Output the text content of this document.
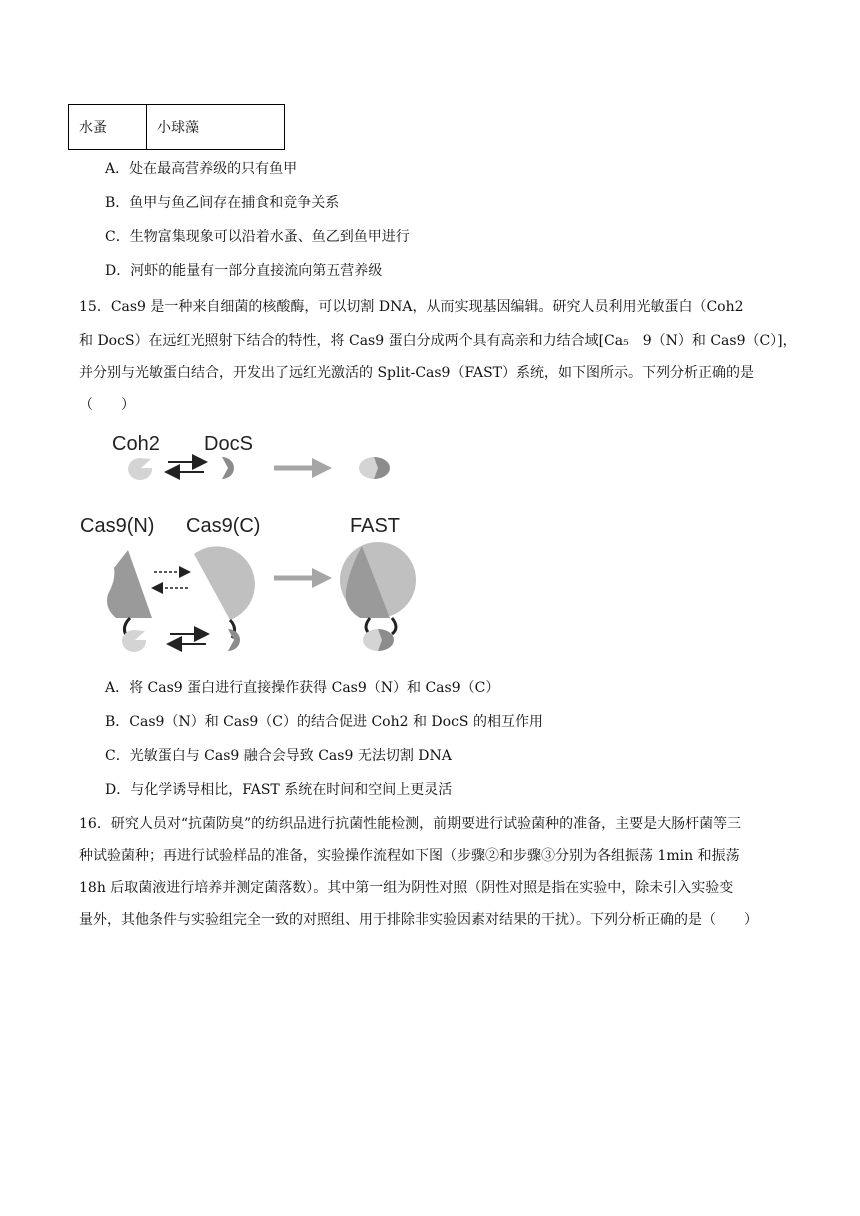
水蚤	小球藻
A．处在最高营养级的只有鱼甲
B．鱼甲与鱼乙间存在捕食和竞争关系
C．生物富集现象可以沿着水蚤、鱼乙到鱼甲进行
D．河虾的能量有一部分直接流向第五营养级
15．Cas9 是一种来自细菌的核酸酶，可以切割 DNA，从而实现基因编辑。研究人员利用光敏蛋白（Coh2
和 DocS）在远红光照射下结合的特性，将 Cas9 蛋白分成两个具有高亲和力结合域[Ca₅　9（N）和 Cas9（C）]，
并分别与光敏蛋白结合，开发出了远红光激活的 Split-Cas9（FAST）系统，如下图所示。下列分析正确的是
（　　）
Coh2 DocS
Cas9(N) Cas9(C)	FAST
A．将 Cas9 蛋白进行直接操作获得 Cas9（N）和 Cas9（C）
B．Cas9（N）和 Cas9（C）的结合促进 Coh2 和 DocS 的相互作用
C．光敏蛋白与 Cas9 融合会导致 Cas9 无法切割 DNA
D．与化学诱导相比，FAST 系统在时间和空间上更灵活
16．研究人员对“抗菌防臭”的纺织品进行抗菌性能检测，前期要进行试验菌种的准备，主要是大肠杆菌等三
种试验菌种；再进行试验样品的准备，实验操作流程如下图（步骤②和步骤③分别为各组振荡 1min 和振荡
18h 后取菌液进行培养并测定菌落数）。其中第一组为阴性对照（阴性对照是指在实验中，除未引入实验变
量外，其他条件与实验组完全一致的对照组、用于排除非实验因素对结果的干扰）。下列分析正确的是（　　）
